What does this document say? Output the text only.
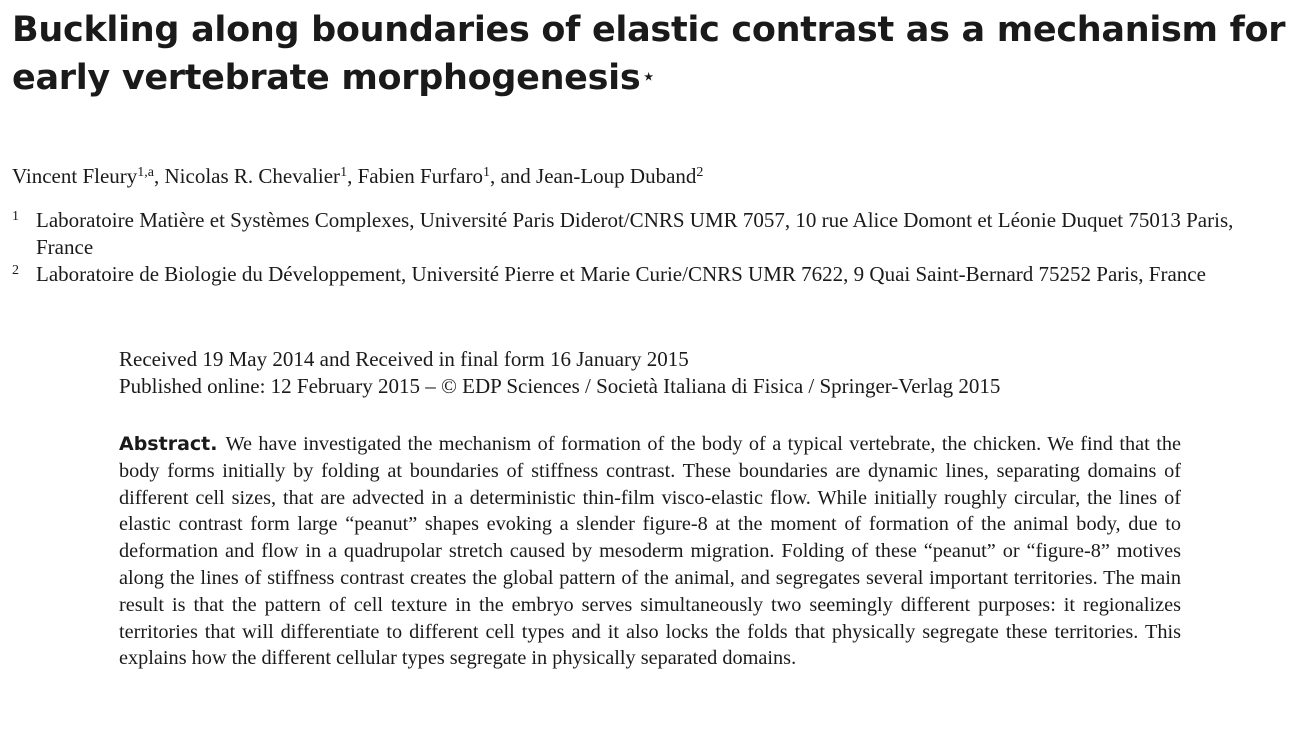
Buckling along boundaries of elastic contrast as a mechanism for early vertebrate morphogenesis ⋆
Vincent Fleury$^{1,a}$, Nicolas R. Chevalier$^1$, Fabien Furfaro$^1$, and Jean-Loup Duband$^2$
1 Laboratoire Matière et Systèmes Complexes, Université Paris Diderot/CNRS UMR 7057, 10 rue Alice Domont et Léonie Duquet 75013 Paris, France
2 Laboratoire de Biologie du Développement, Université Pierre et Marie Curie/CNRS UMR 7622, 9 Quai Saint-Bernard 75252 Paris, France
Received 19 May 2014 and Received in final form 16 January 2015
Published online: 12 February 2015 – © EDP Sciences / Società Italiana di Fisica / Springer-Verlag 2015
Abstract. We have investigated the mechanism of formation of the body of a typical vertebrate, the chicken. We find that the body forms initially by folding at boundaries of stiffness contrast. These boundaries are dynamic lines, separating domains of different cell sizes, that are advected in a deterministic thin-film visco-elastic flow. While initially roughly circular, the lines of elastic contrast form large “peanut” shapes evoking a slender figure-8 at the moment of formation of the animal body, due to deformation and flow in a quadrupolar stretch caused by mesoderm migration. Folding of these “peanut” or “figure-8” motives along the lines of stiffness contrast creates the global pattern of the animal, and segregates several important territories. The main result is that the pattern of cell texture in the embryo serves simultaneously two seemingly different purposes: it regionalizes territories that will differentiate to different cell types and it also locks the folds that physically segregate these territories. This explains how the different cellular types segregate in physically separated domains.
